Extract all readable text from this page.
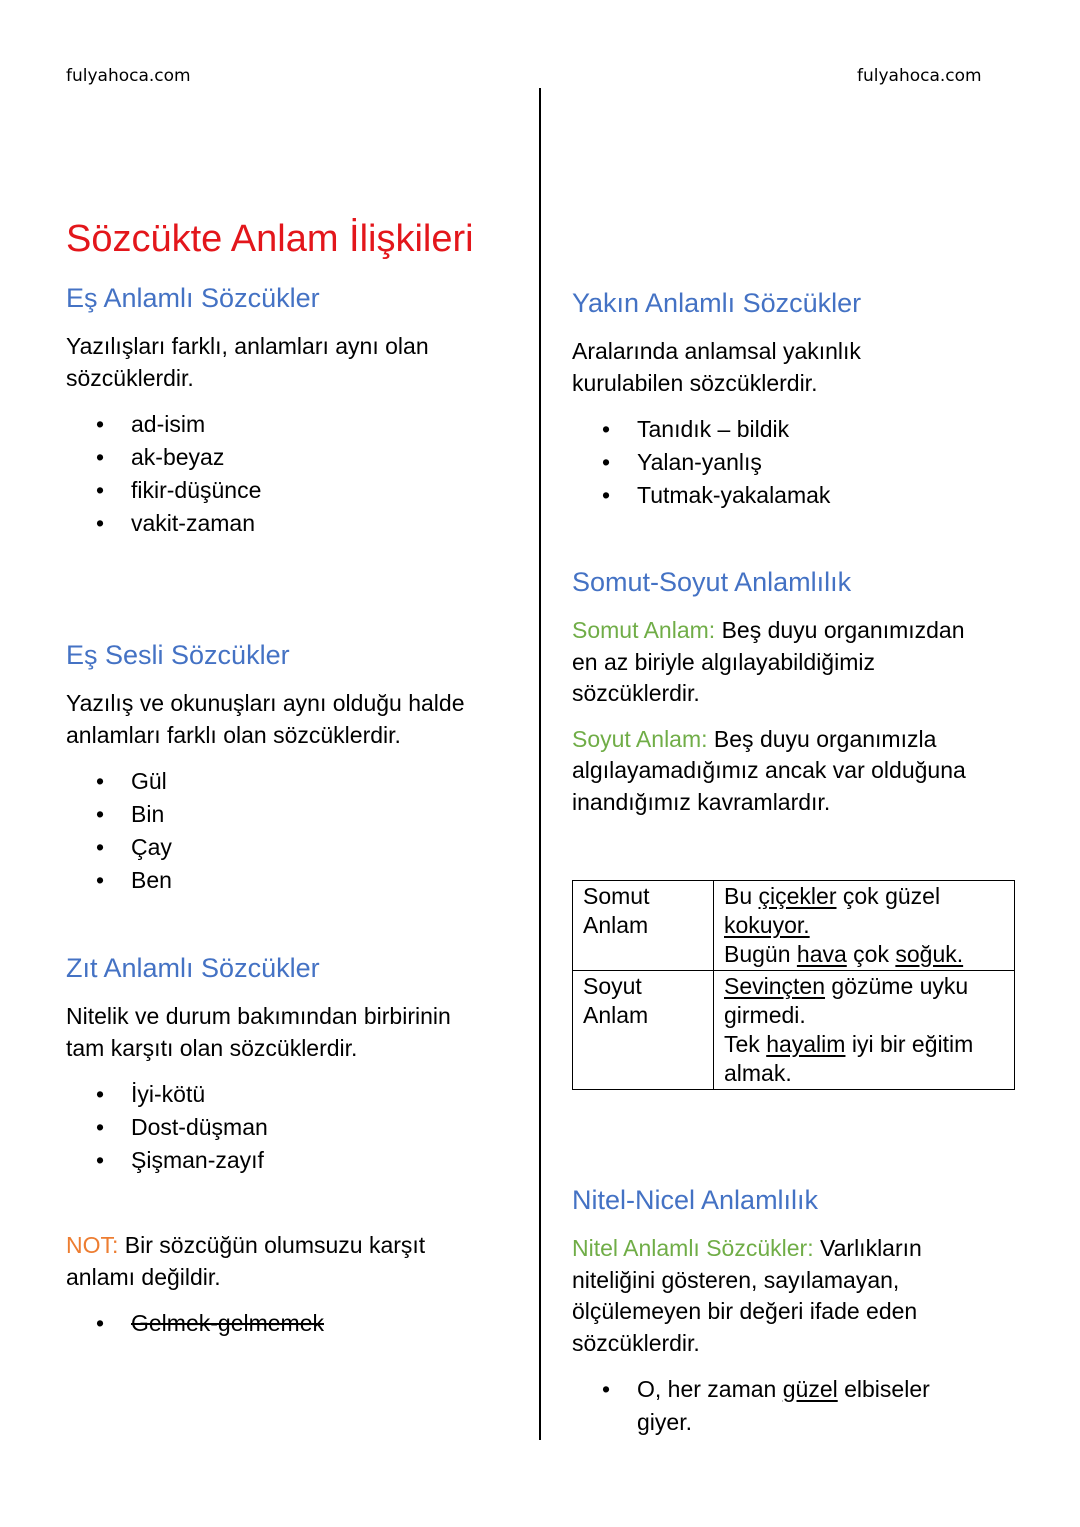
fulyahoca.com	fulyahoca.com
Sözcükte Anlam İlişkileri
Eş Anlamlı Sözcükler

Yazılışları farklı, anlamları aynı olan
sözcüklerdir.

• ad-isim
• ak-beyaz
• fikir-düşünce
• vakit-zaman
Eş Sesli Sözcükler

Yazılış ve okunuşları aynı olduğu halde
anlamları farklı olan sözcüklerdir.

• Gül
• Bin
• Çay
• Ben
Zıt Anlamlı Sözcükler

Nitelik ve durum bakımından birbirinin
tam karşıtı olan sözcüklerdir.

• İyi-kötü
• Dost-düşman
• Şişman-zayıf

NOT: Bir sözcüğün olumsuzu karşıt
anlamı değildir.

• Gelmek-gelmemek
Yakın Anlamlı Sözcükler

Aralarında anlamsal yakınlık
kurulabilen sözcüklerdir.

• Tanıdık – bildik
• Yalan-yanlış
• Tutmak-yakalamak
Somut-Soyut Anlamlılık

Somut Anlam: Beş duyu organımızdan
en az biriyle algılayabildiğimiz
sözcüklerdir.

Soyut Anlam: Beş duyu organımızla
algılayamadığımız ancak var olduğuna
inandığımız kavramlardır.

Somut
Anlam	Bu çiçekler çok güzel
kokuyor.
Bugün hava çok soğuk.
Soyut
Anlam	Sevinçten gözüme uyku
girmedi.
Tek hayalim iyi bir eğitim
almak.
Nitel-Nicel Anlamlılık

Nitel Anlamlı Sözcükler: Varlıkların
niteliğini gösteren, sayılamayan,
ölçülemeyen bir değeri ifade eden
sözcüklerdir.

• O, her zaman güzel elbiseler
giyer.
